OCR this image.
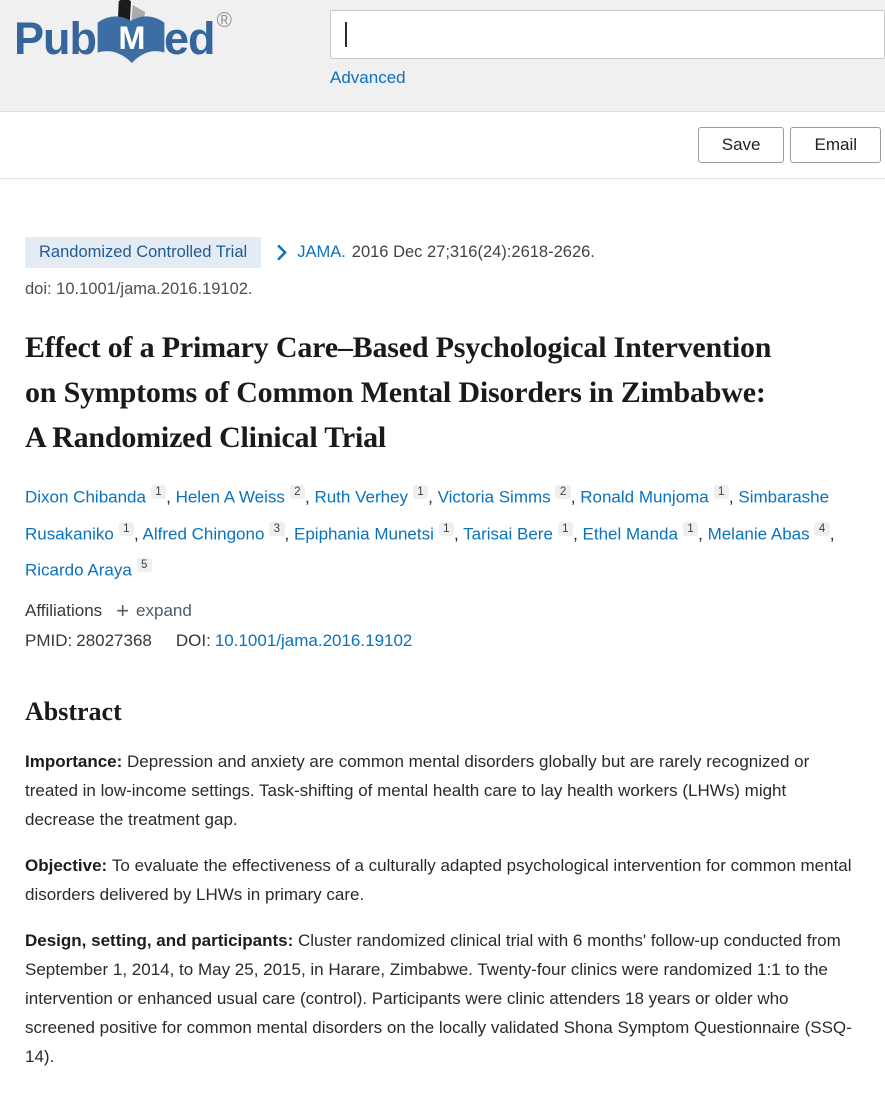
Pub M ed ®
Advanced
Save	Email
Randomized Controlled Trial	JAMA. 2016 Dec 27;316(24):2618-2626.
doi: 10.1001/jama.2016.19102.
Effect of a Primary Care–Based Psychological Intervention on Symptoms of Common Mental Disorders in Zimbabwe: A Randomized Clinical Trial
Dixon Chibanda $^1$ , Helen A Weiss $^2$ , Ruth Verhey $^1$ , Victoria Simms $^2$ , Ronald Munjoma $^1$ , Simbarashe Rusakaniko $^1$ , Alfred Chingono $^3$ , Epiphania Munetsi $^1$ , Tarisai Bere $^1$ , Ethel Manda $^1$ , Melanie Abas $^4$ , Ricardo Araya $^5$
Affiliations + expand
PMID: 28027368 DOI: 10.1001/jama.2016.19102
Abstract

Importance: Depression and anxiety are common mental disorders globally but are rarely recognized or treated in low-income settings. Task-shifting of mental health care to lay health workers (LHWs) might decrease the treatment gap.

Objective: To evaluate the effectiveness of a culturally adapted psychological intervention for common mental disorders delivered by LHWs in primary care.

Design, setting, and participants: Cluster randomized clinical trial with 6 months' follow-up conducted from September 1, 2014, to May 25, 2015, in Harare, Zimbabwe. Twenty-four clinics were randomized 1:1 to the intervention or enhanced usual care (control). Participants were clinic attenders 18 years or older who screened positive for common mental disorders on the locally validated Shona Symptom Questionnaire (SSQ-14).
